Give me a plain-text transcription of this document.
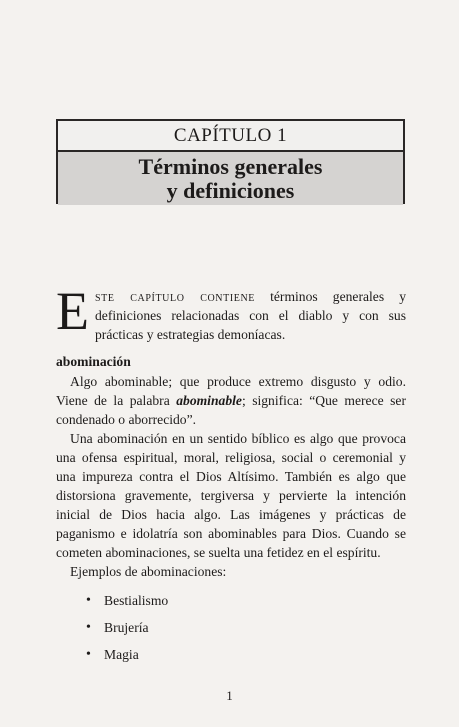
CAPÍTULO 1
Términos generales
y definiciones

Este capítulo contiene términos generales y definiciones relacionadas con el diablo y con sus prácticas y estrategias demoníacas.

abominación

Algo abominable; que produce extremo disgusto y odio. Viene de la palabra abominable; significa: “Que merece ser condenado o aborrecido”.

Una abominación en un sentido bíblico es algo que provoca una ofensa espiritual, moral, religiosa, social o ceremonial y una impureza contra el Dios Altísimo. También es algo que distorsiona gravemente, tergiversa y pervierte la intención inicial de Dios hacia algo. Las imágenes y prácticas de paganismo e idolatría son abominables para Dios. Cuando se cometen abominaciones, se suelta una fetidez en el espíritu.

Ejemplos de abominaciones:

• Bestialismo
• Brujería
• Magia
1
